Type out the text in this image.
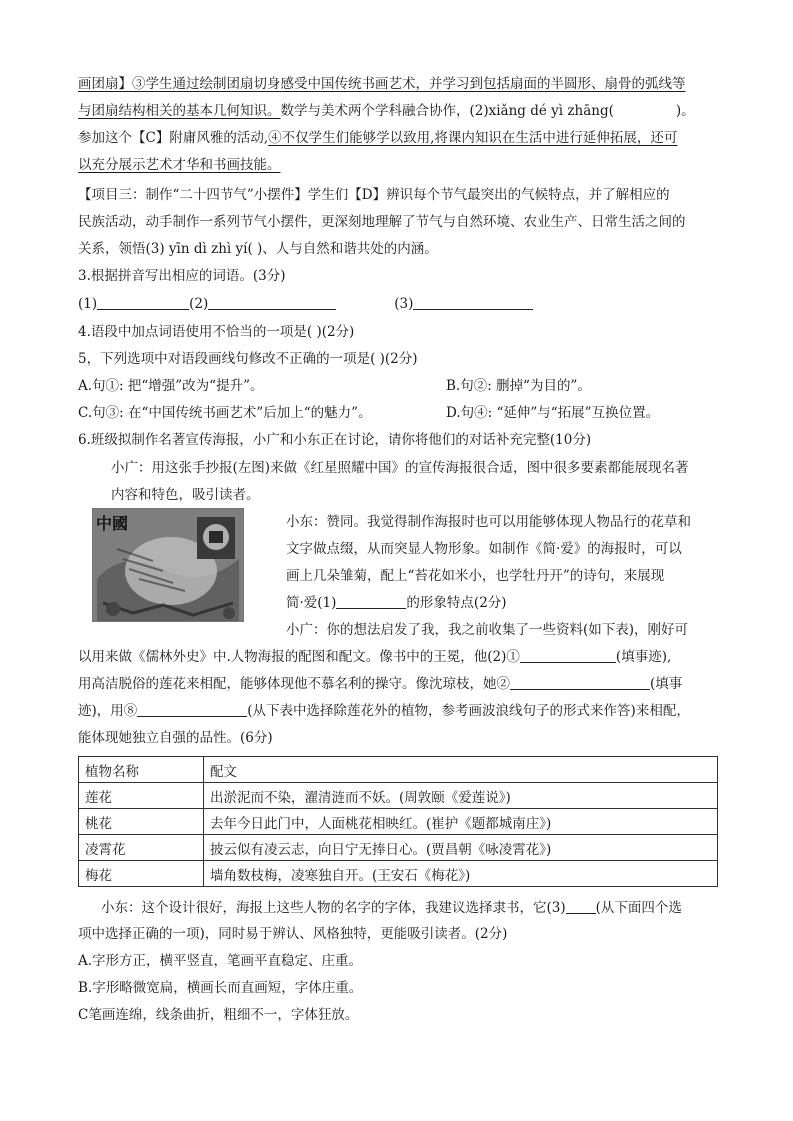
画团扇】③学生通过绘制团扇切身感受中国传统书画艺术，并学习到包括扇面的半圆形、扇骨的弧线等
与团扇结构相关的基本几何知识。数学与美术两个学科融合协作，(2)xiǎng dé yì zhāng(	)。
参加这个【C】附庸风雅的活动,④不仅学生们能够学以致用,将课内知识在生活中进行延伸拓展，还可
以充分展示艺术才华和书画技能。
【项目三：制作“二十四节气”小摆件】学生们【D】辨识每个节气最突出的气候特点，并了解相应的
民族活动，动手制作一系列节气小摆件，更深刻地理解了节气与自然环境、农业生产、日常生活之间的
关系，领悟(3) yīn dì zhì yí( )、人与自然和谐共处的内涵。
3.根据拼音写出相应的词语。(3分)
(1)	(2)	(3)
4.语段中加点词语使用不恰当的一项是( )(2分)
5，下列选项中对语段画线句修改不正确的一项是( )(2分)
A.句①: 把“增强”改为“提升”。	B.句②: 删掉“为目的”。
C.句③: 在“中国传统书画艺术”后加上“的魅力”。	D.句④: “延伸”与“拓展”互换位置。
6.班级拟制作名著宣传海报，小广和小东正在讨论，请你将他们的对话补充完整(10分)
小广：用这张手抄报(左图)来做《红星照耀中国》的宣传海报很合适，图中很多要素都能展现名著
内容和特色，吸引读者。
中國	小东：赞同。我觉得制作海报时也可以用能够体现人物品行的花草和
文字做点缀，从而突显人物形象。如制作《简·爱》的海报时，可以
画上几朵雏菊，配上“苔花如米小，也学牡丹开”的诗句，来展现
简·爱(1)	的形象特点(2分)
小广：你的想法启发了我，我之前收集了一些资料(如下表)，刚好可
以用来做《儒林外史》中.人物海报的配图和配文。像书中的王冕，他(2)①	(填事迹),
用高洁脱俗的莲花来相配，能够体现他不慕名利的操守。像沈琼枝，她②	(填事
迹)，用⑧	(从下表中选择除莲花外的植物，参考画波浪线句子的形式来作答)来相配，
能体现她独立自强的品性。(6分)
植物名称	配文
莲花	出淤泥而不染，濯清涟而不妖。(周敦颐《爱莲说》)
桃花	去年今日此门中，人面桃花相映红。(崔护《题都城南庄》)
凌霄花	披云似有凌云志，向日宁无捧日心。(贾昌朝《咏凌霄花》)
梅花	墙角数枝梅，凌寒独自开。(王安石《梅花》)
小东：这个设计很好，海报上这些人物的名字的字体，我建议选择隶书，它(3) (从下面四个选
项中选择正确的一项)，同时易于辨认、风格独特，更能吸引读者。(2分)
A.字形方正，横平竖直，笔画平直稳定、庄重。
B.字形略微宽扁，横画长而直画短，字体庄重。
C笔画连绵，线条曲折，粗细不一，字体狂放。
